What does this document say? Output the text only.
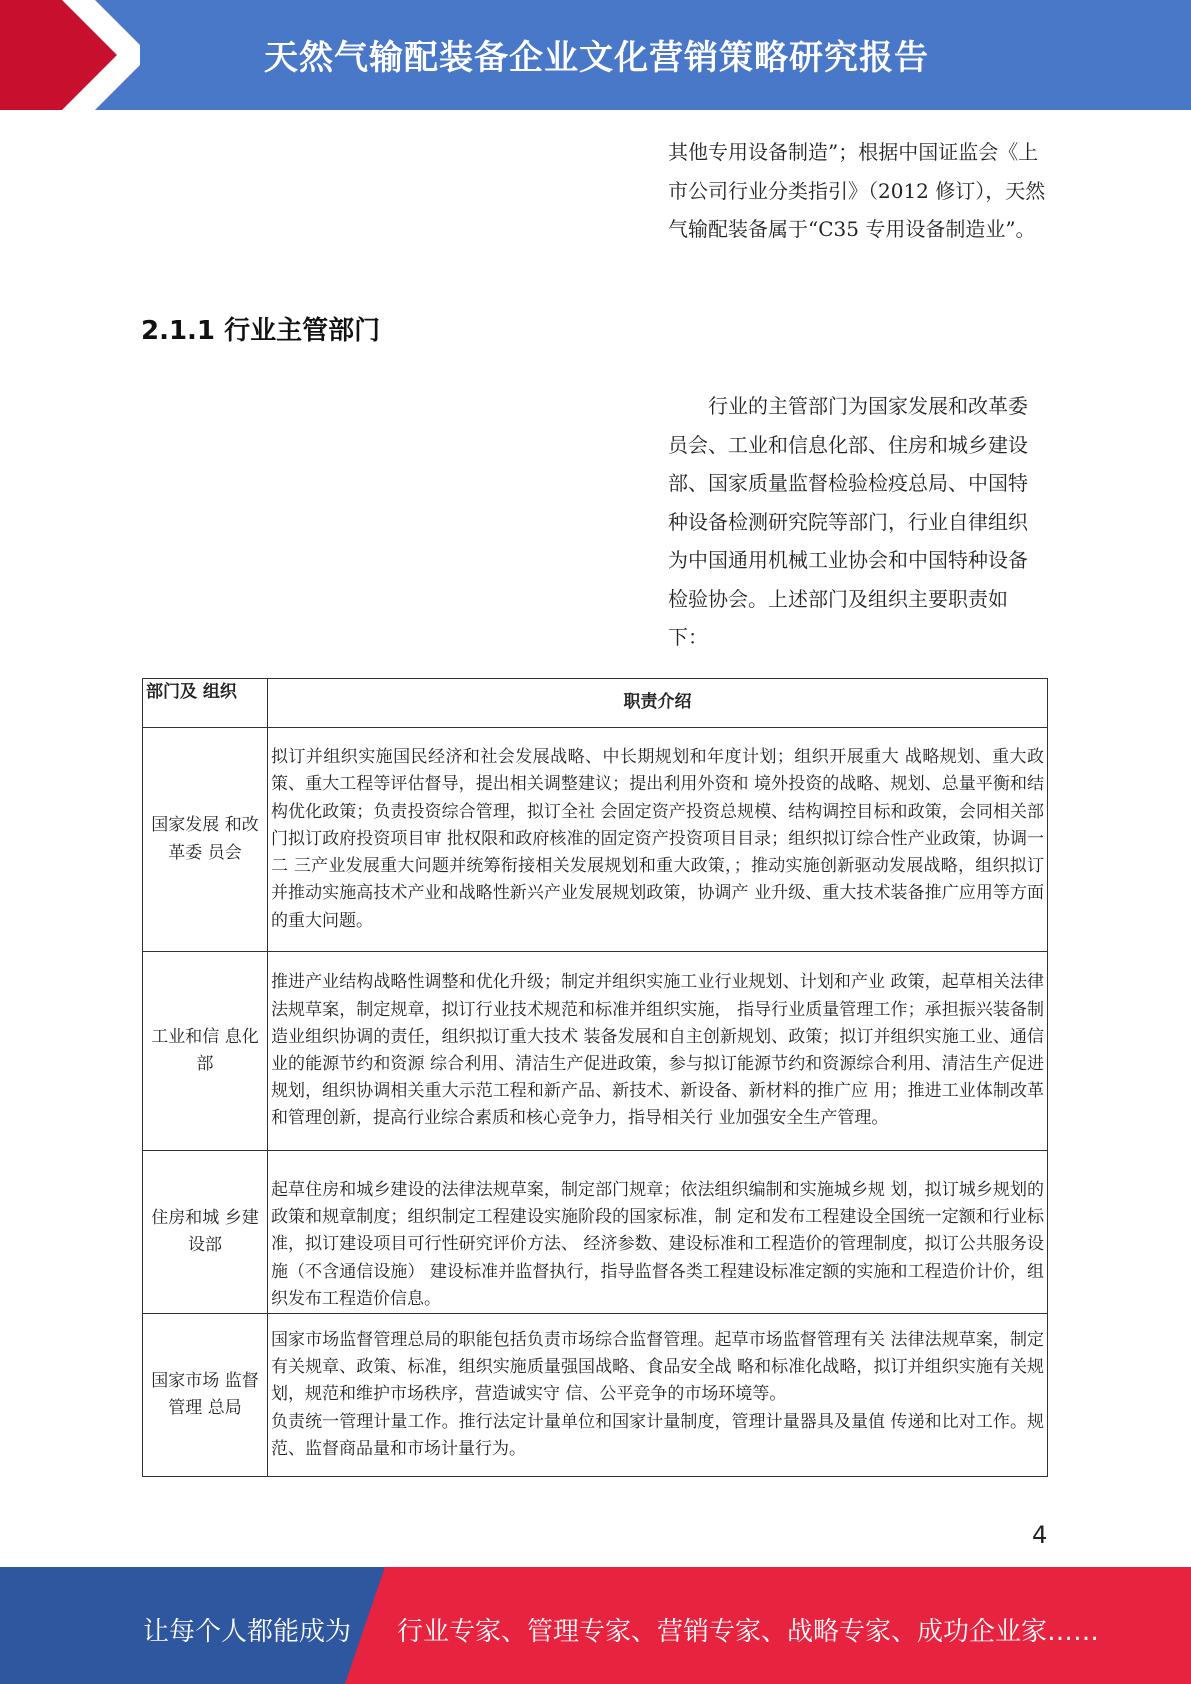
天然气输配装备企业文化营销策略研究报告

其他专用设备制造”；根据中国证监会《上市公司行业分类指引》（2012 修订），天然气输配装备属于“C35 专用设备制造业”。

2.1.1 行业主管部门

行业的主管部门为国家发展和改革委员会、工业和信息化部、住房和城乡建设部、国家质量监督检验检疫总局、中国特种设备检测研究院等部门，行业自律组织为中国通用机械工业协会和中国特种设备检验协会。上述部门及组织主要职责如下：

部门及 组织	职责介绍
国家发展 和改革委 员会	拟订并组织实施国民经济和社会发展战略、中长期规划和年度计划；组织开展重大 战略规划、重大政策、重大工程等评估督导，提出相关调整建议；提出利用外资和 境外投资的战略、规划、总量平衡和结构优化政策；负责投资综合管理，拟订全社 会固定资产投资总规模、结构调控目标和政策，会同相关部门拟订政府投资项目审 批权限和政府核准的固定资产投资项目目录；组织拟订综合性产业政策，协调一二 三产业发展重大问题并统筹衔接相关发展规划和重大政策，；推动实施创新驱动发展战略，组织拟订并推动实施高技术产业和战略性新兴产业发展规划政策，协调产 业升级、重大技术装备推广应用等方面的重大问题。
工业和信 息化部	推进产业结构战略性调整和优化升级；制定并组织实施工业行业规划、计划和产业 政策，起草相关法律法规草案，制定规章，拟订行业技术规范和标准并组织实施， 指导行业质量管理工作；承担振兴装备制造业组织协调的责任，组织拟订重大技术 装备发展和自主创新规划、政策；拟订并组织实施工业、通信业的能源节约和资源 综合利用、清洁生产促进政策，参与拟订能源节约和资源综合利用、清洁生产促进 规划，组织协调相关重大示范工程和新产品、新技术、新设备、新材料的推广应 用；推进工业体制改革和管理创新，提高行业综合素质和核心竞争力，指导相关行 业加强安全生产管理。
住房和城 乡建设部	起草住房和城乡建设的法律法规草案，制定部门规章；依法组织编制和实施城乡规 划，拟订城乡规划的政策和规章制度；组织制定工程建设实施阶段的国家标准，制 定和发布工程建设全国统一定额和行业标准，拟订建设项目可行性研究评价方法、 经济参数、建设标准和工程造价的管理制度，拟订公共服务设施（不含通信设施） 建设标准并监督执行，指导监督各类工程建设标准定额的实施和工程造价计价，组 织发布工程造价信息。
国家市场 监督管理 总局	国家市场监督管理总局的职能包括负责市场综合监督管理。起草市场监督管理有关 法律法规草案，制定有关规章、政策、标准，组织实施质量强国战略、食品安全战 略和标准化战略，拟订并组织实施有关规划，规范和维护市场秩序，营造诚实守 信、公平竞争的市场环境等。

负责统一管理计量工作。推行法定计量单位和国家计量制度，管理计量器具及量值 传递和比对工作。规范、监督商品量和市场计量行为。

4
让每个人都能成为 行业专家、管理专家、营销专家、战略专家、成功企业家……
